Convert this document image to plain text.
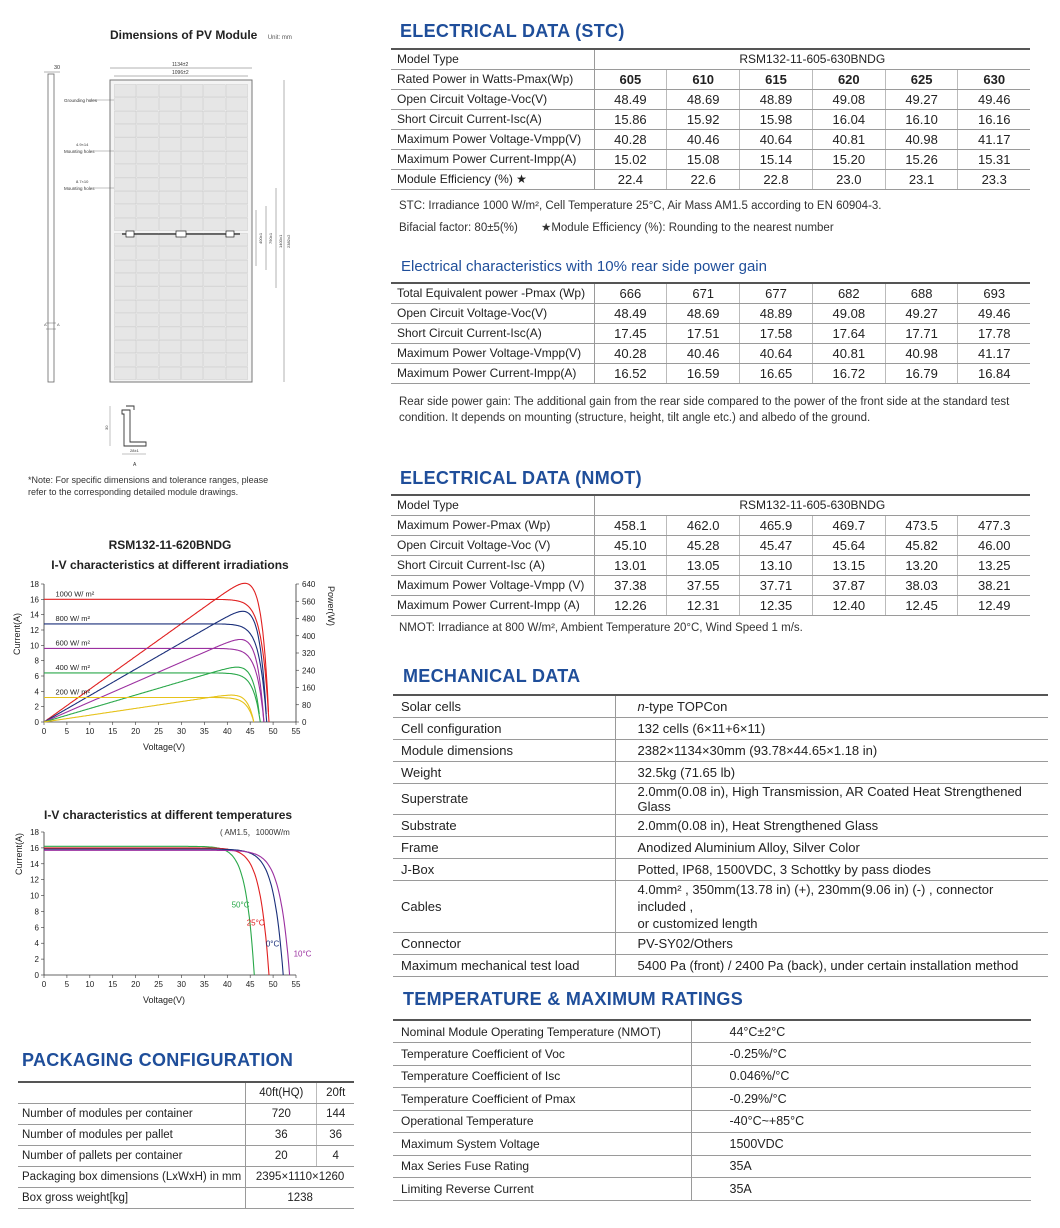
Dimensions of PV Module Unit: mm
30
A	A
1134±2
1096±2
Grounding holes
4.9×14
Mounting holes
8.7×10
Mounting holes
400±1 790±1 1400±1 2382±2
30
28±1
A
*Note: For specific dimensions and tolerance ranges, please refer to the corresponding detailed module drawings.
RSM132-11-620BNDG
I-V characteristics at different irradiations
0 5 10 15 20 25 30 35 40 45 50 55
0
2
4
6
8
10
12
14
16
18
0
80
160
240
320
400
480
560
640
Current(A)
Power(W)
Voltage(V)
1000 W/ m²
800 W/ m²
600 W/ m²
400 W/ m²
200 W/ m²
I-V characteristics at different temperatures
0 5 10 15 20 25 30 35 40 45 50 55
0
2
4
6
8
10
12
14
16
18
Current(A)
Voltage(V)
( AM1.5，1000W/m
50°C
25°C
0°C
10°C
PACKAGING CONFIGURATION
	40ft(HQ)	20ft
Number of modules per container	720	144
Number of modules per pallet	36	36
Number of pallets per container	20	4
Packaging box dimensions (LxWxH) in mm	2395×1110×1260	
Box gross weight[kg]	1238	
ELECTRICAL DATA (STC)
Model Type	RSM132-11-605-630BNDG					
Rated Power in Watts-Pmax(Wp)	605	610	615	620	625	630
Open Circuit Voltage-Voc(V)	48.49	48.69	48.89	49.08	49.27	49.46
Short Circuit Current-Isc(A)	15.86	15.92	15.98	16.04	16.10	16.16
Maximum Power Voltage-Vmpp(V)	40.28	40.46	40.64	40.81	40.98	41.17
Maximum Power Current-Impp(A)	15.02	15.08	15.14	15.20	15.26	15.31
Module Efficiency (%) ★	22.4	22.6	22.8	23.0	23.1	23.3
STC: Irradiance 1000 W/m², Cell Temperature 25°C, Air Mass AM1.5 according to EN 60904-3.
Bifacial factor: 80±5(%) ★Module Efficiency (%): Rounding to the nearest number
Electrical characteristics with 10% rear side power gain
Total Equivalent power -Pmax (Wp)	666	671	677	682	688	693
Open Circuit Voltage-Voc(V)	48.49	48.69	48.89	49.08	49.27	49.46
Short Circuit Current-Isc(A)	17.45	17.51	17.58	17.64	17.71	17.78
Maximum Power Voltage-Vmpp(V)	40.28	40.46	40.64	40.81	40.98	41.17
Maximum Power Current-Impp(A)	16.52	16.59	16.65	16.72	16.79	16.84
Rear side power gain: The additional gain from the rear side compared to the power of the front side at the standard test condition. It depends on mounting (structure, height, tilt angle etc.) and albedo of the ground.
ELECTRICAL DATA (NMOT)
Model Type	RSM132-11-605-630BNDG					
Maximum Power-Pmax (Wp)	458.1	462.0	465.9	469.7	473.5	477.3
Open Circuit Voltage-Voc (V)	45.10	45.28	45.47	45.64	45.82	46.00
Short Circuit Current-Isc (A)	13.01	13.05	13.10	13.15	13.20	13.25
Maximum Power Voltage-Vmpp (V)	37.38	37.55	37.71	37.87	38.03	38.21
Maximum Power Current-Impp (A)	12.26	12.31	12.35	12.40	12.45	12.49
NMOT: Irradiance at 800 W/m², Ambient Temperature 20°C, Wind Speed 1 m/s.
MECHANICAL DATA
Solar cells	n-type TOPCon
Cell configuration	132 cells (6×11+6×11)
Module dimensions	2382×1134×30mm (93.78×44.65×1.18 in)
Weight	32.5kg (71.65 lb)
Superstrate	2.0mm(0.08 in), High Transmission, AR Coated Heat Strengthened Glass
Substrate	2.0mm(0.08 in), Heat Strengthened Glass
Frame	Anodized Aluminium Alloy, Silver Color
J-Box	Potted, IP68, 1500VDC, 3 Schottky by pass diodes
Cables	4.0mm² , 350mm(13.78 in) (+), 230mm(9.06 in) (-) , connector included ,
or customized length

Connector	PV-SY02/Others
Maximum mechanical test load	5400 Pa (front) / 2400 Pa (back), under certain installation method
TEMPERATURE & MAXIMUM RATINGS
Nominal Module Operating Temperature (NMOT)	44°C±2°C
Temperature Coefficient of Voc	-0.25%/°C
Temperature Coefficient of Isc	0.046%/°C
Temperature Coefficient of Pmax	-0.29%/°C
Operational Temperature	-40°C~+85°C
Maximum System Voltage	1500VDC
Max Series Fuse Rating	35A
Limiting Reverse Current	35A
